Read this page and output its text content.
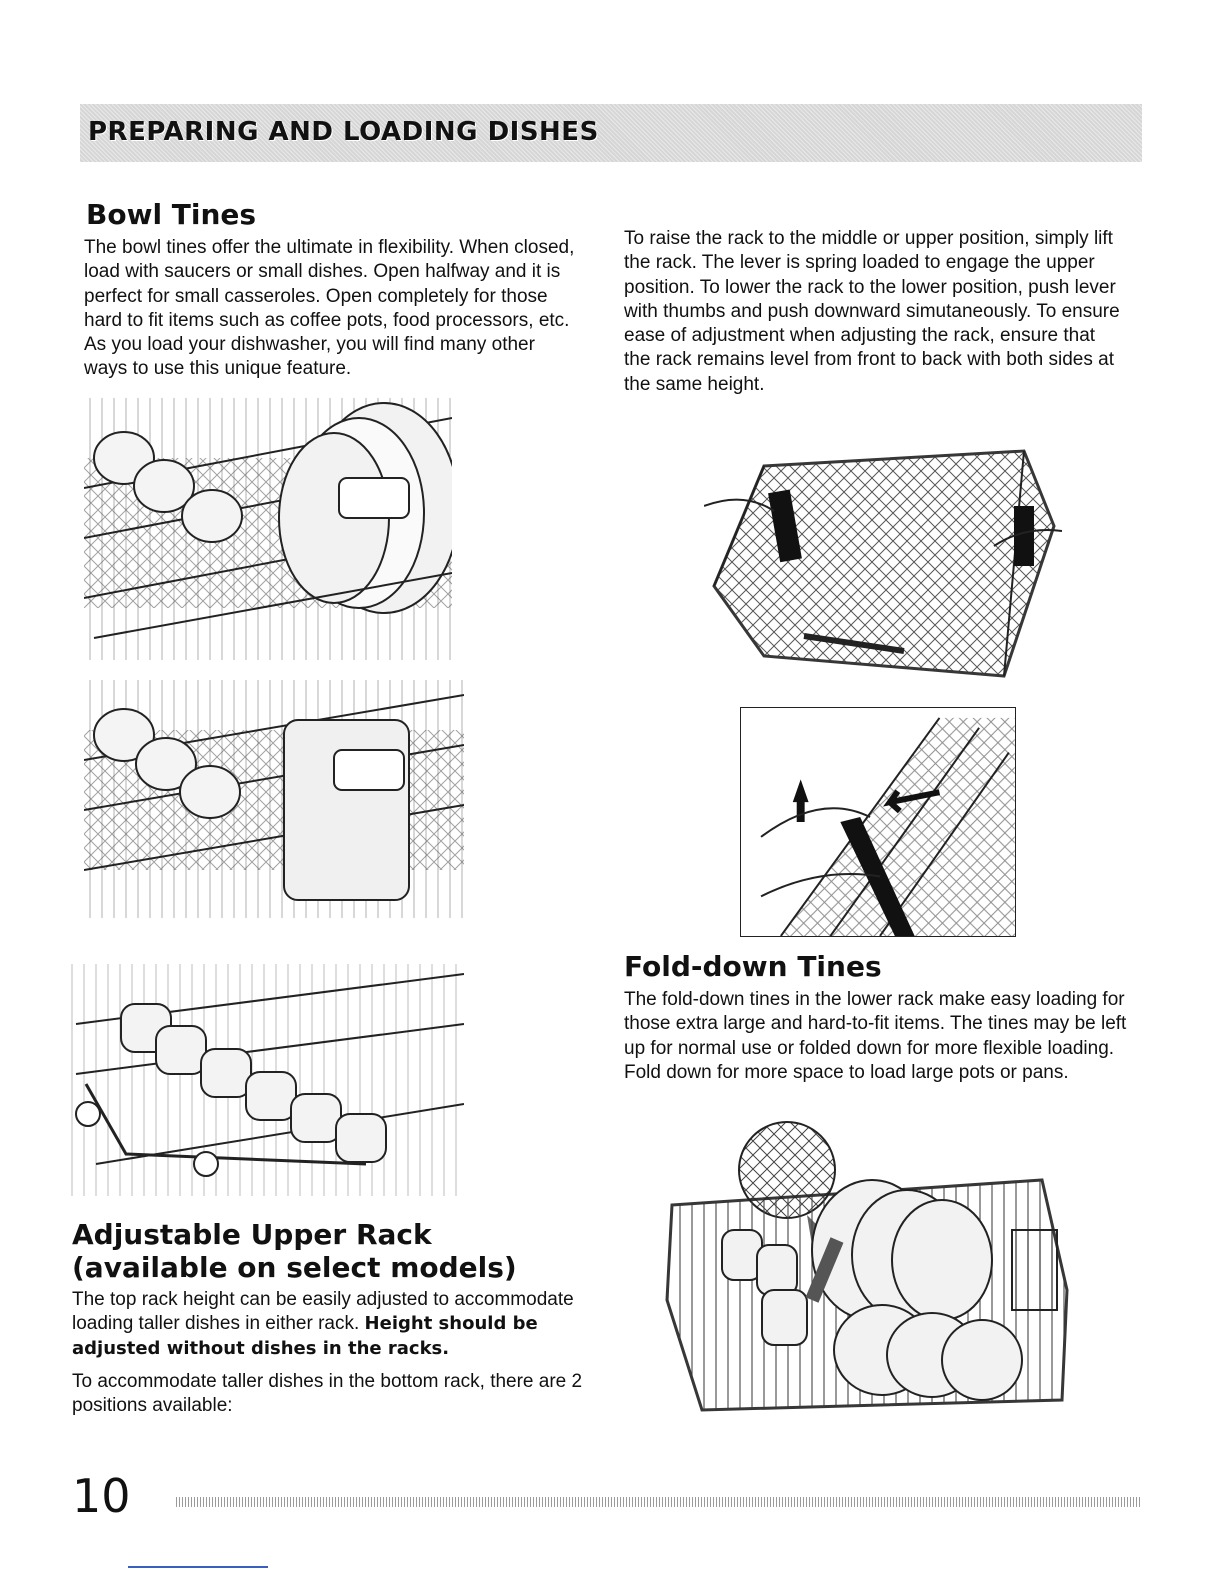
PREPARING AND LOADING DISHES
Bowl Tines

The bowl tines offer the ultimate in flexibility. When closed, load with saucers or small dishes. Open halfway and it is perfect for small casseroles. Open completely for those hard to fit items such as coffee pots, food processors, etc. As you load your dishwasher, you will find many other ways to use this unique feature.

Adjustable Upper Rack (available on select models)

The top rack height can be easily adjusted to accommodate loading taller dishes in either rack. Height should be adjusted without dishes in the racks.

To accommodate taller dishes in the bottom rack, there are 2 positions available:

To raise the rack to the middle or upper position, simply lift the rack. The lever is spring loaded to engage the upper position. To lower the rack to the lower position, push lever with thumbs and push downward simutaneously. To ensure ease of adjustment when adjusting the rack, ensure that the rack remains level from front to back with both sides at the same height.

Fold-down Tines

The fold-down tines in the lower rack make easy loading for those extra large and hard-to-fit items. The tines may be left up for normal use or folded down for more flexible loading. Fold down for more space to load large pots or pans.

10
